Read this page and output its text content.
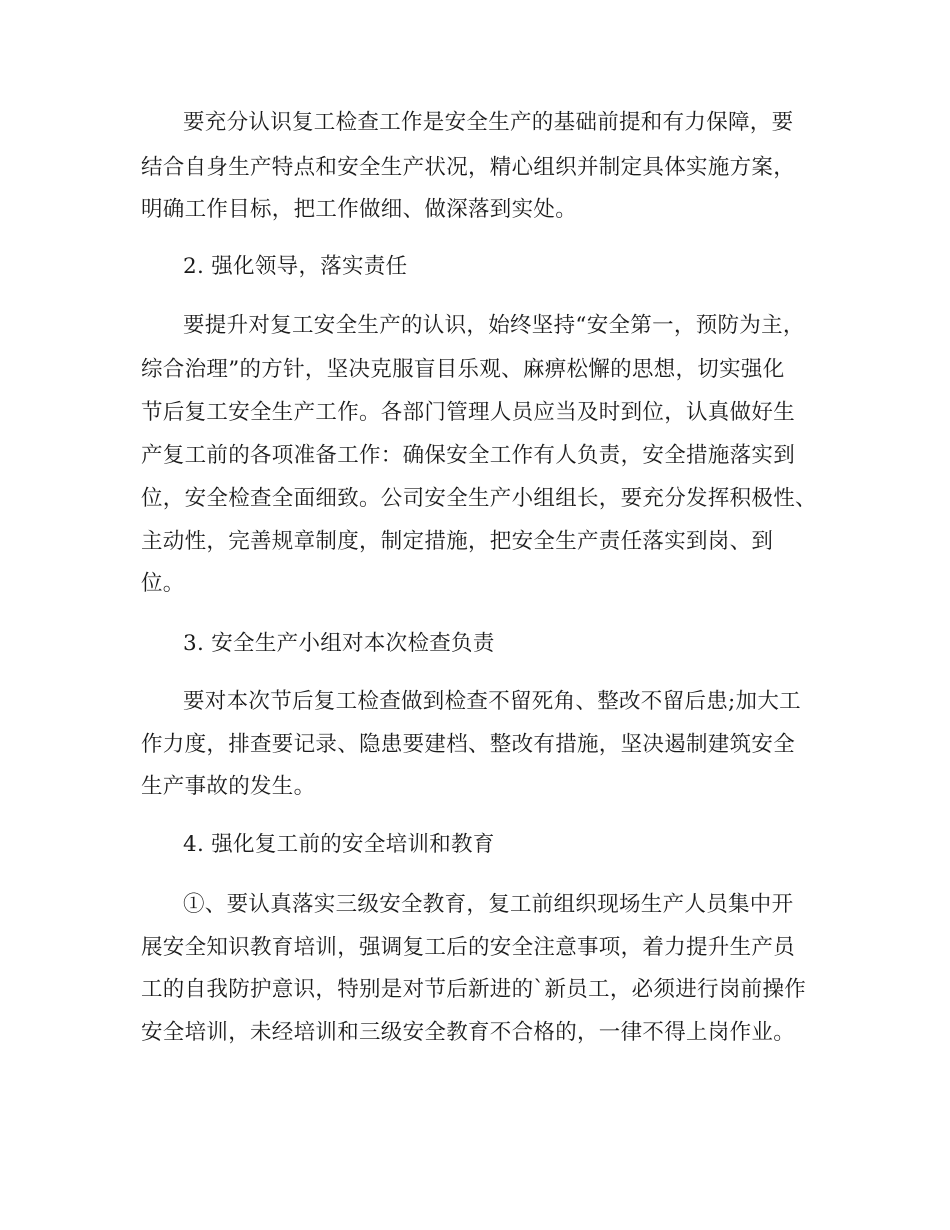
要充分认识复工检查工作是安全生产的基础前提和有力保障，要
结合自身生产特点和安全生产状况，精心组织并制定具体实施方案，
明确工作目标，把工作做细、做深落到实处。
2. 强化领导，落实责任
要提升对复工安全生产的认识，始终坚持“安全第一，预防为主，
综合治理”的方针，坚决克服盲目乐观、麻痹松懈的思想，切实强化
节后复工安全生产工作。各部门管理人员应当及时到位，认真做好生
产复工前的各项准备工作：确保安全工作有人负责，安全措施落实到
位，安全检查全面细致。公司安全生产小组组长，要充分发挥积极性、
主动性，完善规章制度，制定措施，把安全生产责任落实到岗、到
位。
3. 安全生产小组对本次检查负责
要对本次节后复工检查做到检查不留死角、整改不留后患;加大工
作力度，排查要记录、隐患要建档、整改有措施，坚决遏制建筑安全
生产事故的发生。
4. 强化复工前的安全培训和教育
①、要认真落实三级安全教育，复工前组织现场生产人员集中开
展安全知识教育培训，强调复工后的安全注意事项，着力提升生产员
工的自我防护意识，特别是对节后新进的`新员工，必须进行岗前操作
安全培训，未经培训和三级安全教育不合格的，一律不得上岗作业。
